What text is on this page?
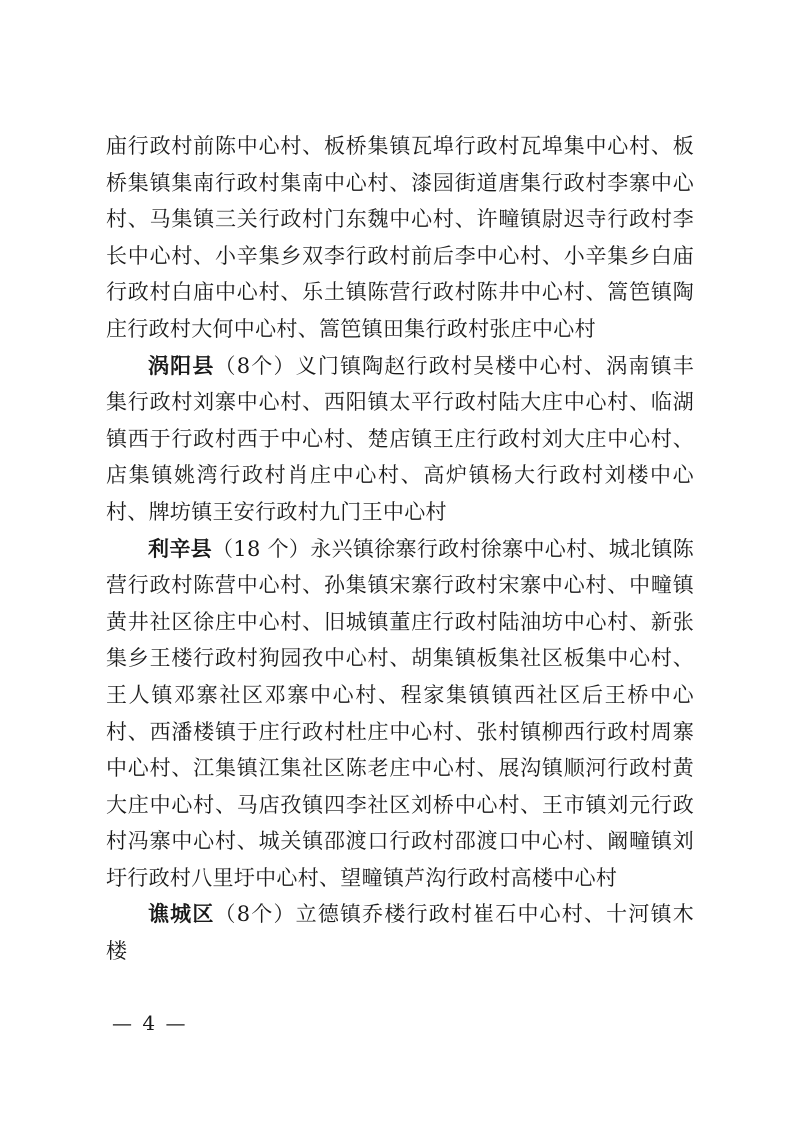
庙行政村前陈中心村、板桥集镇瓦埠行政村瓦埠集中心村、板桥集镇集南行政村集南中心村、漆园街道唐集行政村李寨中心村、马集镇三关行政村门东魏中心村、许疃镇尉迟寺行政村李长中心村、小辛集乡双李行政村前后李中心村、小辛集乡白庙行政村白庙中心村、乐土镇陈营行政村陈井中心村、篙笆镇陶庄行政村大何中心村、篙笆镇田集行政村张庄中心村

涡阳县（8个）义门镇陶赵行政村吴楼中心村、涡南镇丰集行政村刘寨中心村、西阳镇太平行政村陆大庄中心村、临湖镇西于行政村西于中心村、楚店镇王庄行政村刘大庄中心村、店集镇姚湾行政村肖庄中心村、高炉镇杨大行政村刘楼中心村、牌坊镇王安行政村九门王中心村

利辛县（18 个）永兴镇徐寨行政村徐寨中心村、城北镇陈营行政村陈营中心村、孙集镇宋寨行政村宋寨中心村、中疃镇黄井社区徐庄中心村、旧城镇董庄行政村陆油坊中心村、新张集乡王楼行政村狗园孜中心村、胡集镇板集社区板集中心村、王人镇邓寨社区邓寨中心村、程家集镇镇西社区后王桥中心村、西潘楼镇于庄行政村杜庄中心村、张村镇柳西行政村周寨中心村、江集镇江集社区陈老庄中心村、展沟镇顺河行政村黄大庄中心村、马店孜镇四李社区刘桥中心村、王市镇刘元行政村冯寨中心村、城关镇邵渡口行政村邵渡口中心村、阚疃镇刘圩行政村八里圩中心村、望疃镇芦沟行政村高楼中心村

谯城区（8个）立德镇乔楼行政村崔石中心村、十河镇木楼

— 4 —
